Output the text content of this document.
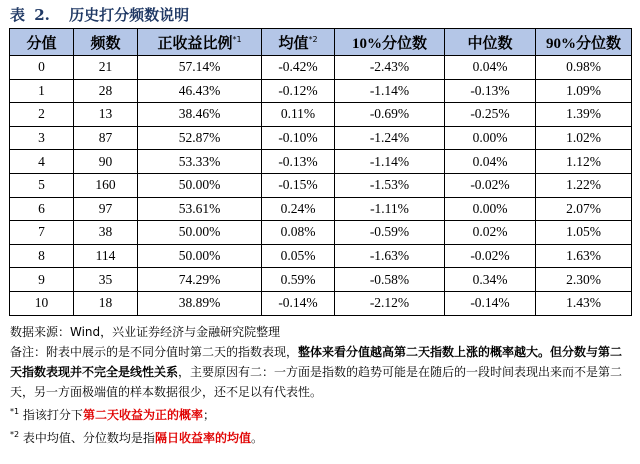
表 2. 历史打分频数说明
分值	频数	正收益比例$^{*1}$	均值$^{*2}$	10%分位数	中位数	90%分位数
0	21	57.14%	-0.42%	-2.43%	0.04%	0.98%
1	28	46.43%	-0.12%	-1.14%	-0.13%	1.09%
2	13	38.46%	0.11%	-0.69%	-0.25%	1.39%
3	87	52.87%	-0.10%	-1.24%	0.00%	1.02%
4	90	53.33%	-0.13%	-1.14%	0.04%	1.12%
5	160	50.00%	-0.15%	-1.53%	-0.02%	1.22%
6	97	53.61%	0.24%	-1.11%	0.00%	2.07%
7	38	50.00%	0.08%	-0.59%	0.02%	1.05%
8	114	50.00%	0.05%	-1.63%	-0.02%	1.63%
9	35	74.29%	0.59%	-0.58%	0.34%	2.30%
10	18	38.89%	-0.14%	-2.12%	-0.14%	1.43%

数据来源：Wind，兴业证券经济与金融研究院整理

备注：附表中展示的是不同分值时第二天的指数表现，整体来看分值越高第二天指数上涨的概率越大。但分数与第二天指数表现并不完全是线性关系，主要原因有二：一方面是指数的趋势可能是在随后的一段时间表现出来而不是第二天，另一方面极端值的样本数据很少，还不足以有代表性。

$^{*1}$ 指该打分下第二天收益为正的概率；

$^{*2}$ 表中均值、分位数均是指隔日收益率的均值。
